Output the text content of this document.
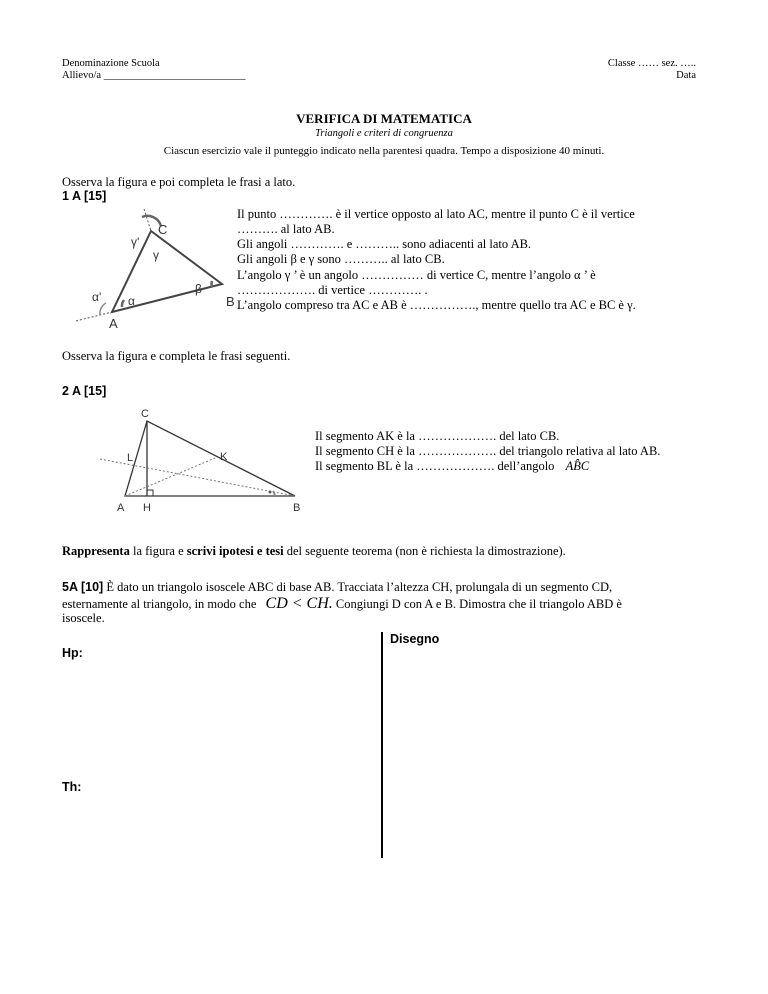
Denominazione Scuola
Allievo/a ___________________________
Classe …… sez. …..
Data
VERIFICA DI MATEMATICA
Triangoli e criteri di congruenza
Ciascun esercizio vale il punteggio indicato nella parentesi quadra. Tempo a disposizione 40 minuti.
Osserva la figura e poi completa le frasi a lato.
1 A [15]
C
A
B
γ'
γ
β
α' α
Il punto …………. è il vertice opposto al lato AC, mentre il punto C è il vertice
………. al lato AB.
Gli angoli …………. e ……….. sono adiacenti al lato AB.
Gli angoli β e γ sono ……….. al lato CB.
L’angolo γ ’ è un angolo …………… di vertice C, mentre l’angolo α ’ è
………………. di vertice …………. .
L’angolo compreso tra AC e AB è ……………., mentre quello tra AC e BC è γ.
Osserva la figura e completa le frasi seguenti.
2 A [15]
C
L	K
A H	B
Il segmento AK è la ………………. del lato CB.
Il segmento CH è la ………………. del triangolo relativa al lato AB.
Il segmento BL è la ………………. dell’angolo AB̂C
Rappresenta la figura e scrivi ipotesi e tesi del seguente teorema (non è richiesta la dimostrazione).
5A [10] È dato un triangolo isoscele ABC di base AB. Tracciata l’altezza CH, prolungala di un segmento CD,
esternamente al triangolo, in modo che CD < CH. Congiungi D con A e B. Dimostra che il triangolo ABD è
isoscele.
Disegno
Hp:
Th:
